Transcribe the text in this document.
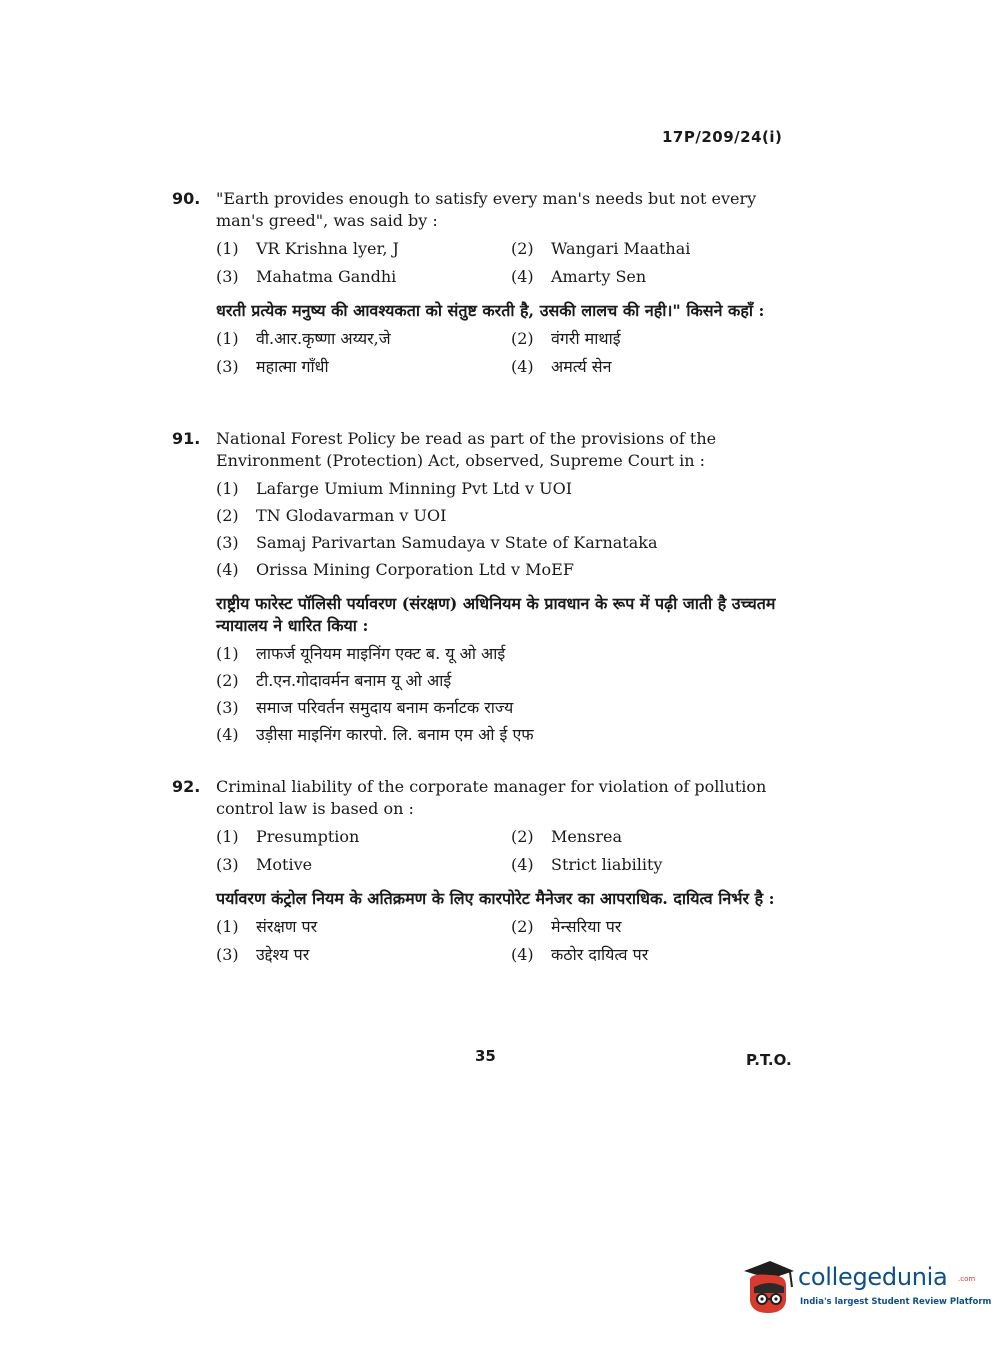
17P/209/24(i)
90. "Earth provides enough to satisfy every man's needs but not every man's greed", was said by :
(1)	VR Krishna lyer, J	(2)	Wangari Maathai
(3)	Mahatma Gandhi	(4)	Amarty Sen
धरती प्रत्येक मनुष्य की आवश्यकता को संतुष्ट करती है, उसकी लालच की नही।" किसने कहाँ :
(1)	वी.आर.कृष्णा अय्यर,जे	(2)	वंगरी माथाई
(3)	महात्मा गाँधी	(4)	अमर्त्य सेन
91. National Forest Policy be read as part of the provisions of the Environment (Protection) Act, observed, Supreme Court in :
(1)	Lafarge Umium Minning Pvt Ltd v UOI
(2)	TN Glodavarman v UOI
(3)	Samaj Parivartan Samudaya v State of Karnataka
(4)	Orissa Mining Corporation Ltd v MoEF
राष्ट्रीय फारेस्ट पॉलिसी पर्यावरण (संरक्षण) अधिनियम के प्रावधान के रूप में पढ़ी जाती है उच्चतम न्यायालय ने धारित किया :
(1)	लाफर्ज यूनियम माइनिंग एक्ट ब. यू ओ आई
(2)	टी.एन.गोदावर्मन बनाम यू ओ आई
(3)	समाज परिवर्तन समुदाय बनाम कर्नाटक राज्य
(4)	उड़ीसा माइनिंग कारपो. लि. बनाम एम ओ ई एफ
92. Criminal liability of the corporate manager for violation of pollution control law is based on :
(1)	Presumption	(2)	Mensrea
(3)	Motive	(4)	Strict liability
पर्यावरण कंट्रोल नियम के अतिक्रमण के लिए कारपोरेट मैनेजर का आपराधिक. दायित्व निर्भर है :
(1)	संरक्षण पर	(2)	मेन्सरिया पर
(3)	उद्देश्य पर	(4)	कठोर दायित्व पर
35	P.T.O.
collegedunia .com
India's largest Student Review Platform
